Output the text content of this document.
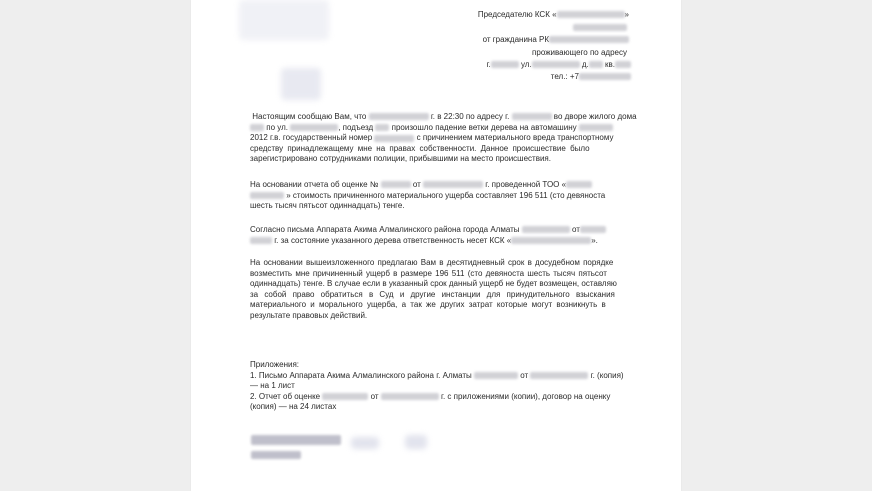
Председателю КСК «	»
от гражданина РК
проживающего по адресу
г.	ул.	д. кв.
тел.: +7
Настоящим сообщаю Вам, что	г. в 22:30 по адресу г.	во дворе жилого дома
по ул.	, подъезд произошло падение ветки дерева на автомашину
2012 г.в. государственный номер	с причинением материального вреда транспортному
средству принадлежащему мне на правах собственности. Данное происшествие было
зарегистрировано сотрудниками полиции, прибывшими на место происшествия.
На основании отчета об оценке №	от	г. проведенной ТОО «
» стоимость причиненного материального ущерба составляет 196 511 (сто девяноста
шесть тысяч пятьсот одиннадцать) тенге.
Согласно письма Аппарата Акима Алмалинского района города Алматы	от
г. за состояние указанного дерева ответственность несет КСК «	».
На основании вышеизложенного предлагаю Вам в десятидневный срок в досудебном порядке
возместить мне причиненный ущерб в размере 196 511 (сто девяноста шесть тысяч пятьсот
одиннадцать) тенге. В случае если в указанный срок данный ущерб не будет возмещен, оставляю
за собой право обратиться в Суд и другие инстанции для принудительного взыскания
материального и морального ущерба, а так же других затрат которые могут возникнуть в
результате правовых действий.
Приложения:
1. Письмо Аппарата Акима Алмалинского района г. Алматы	от	г. (копия)
— на 1 лист
2. Отчет об оценке	от	г. с приложениями (копии), договор на оценку
(копия) — на 24 листах
